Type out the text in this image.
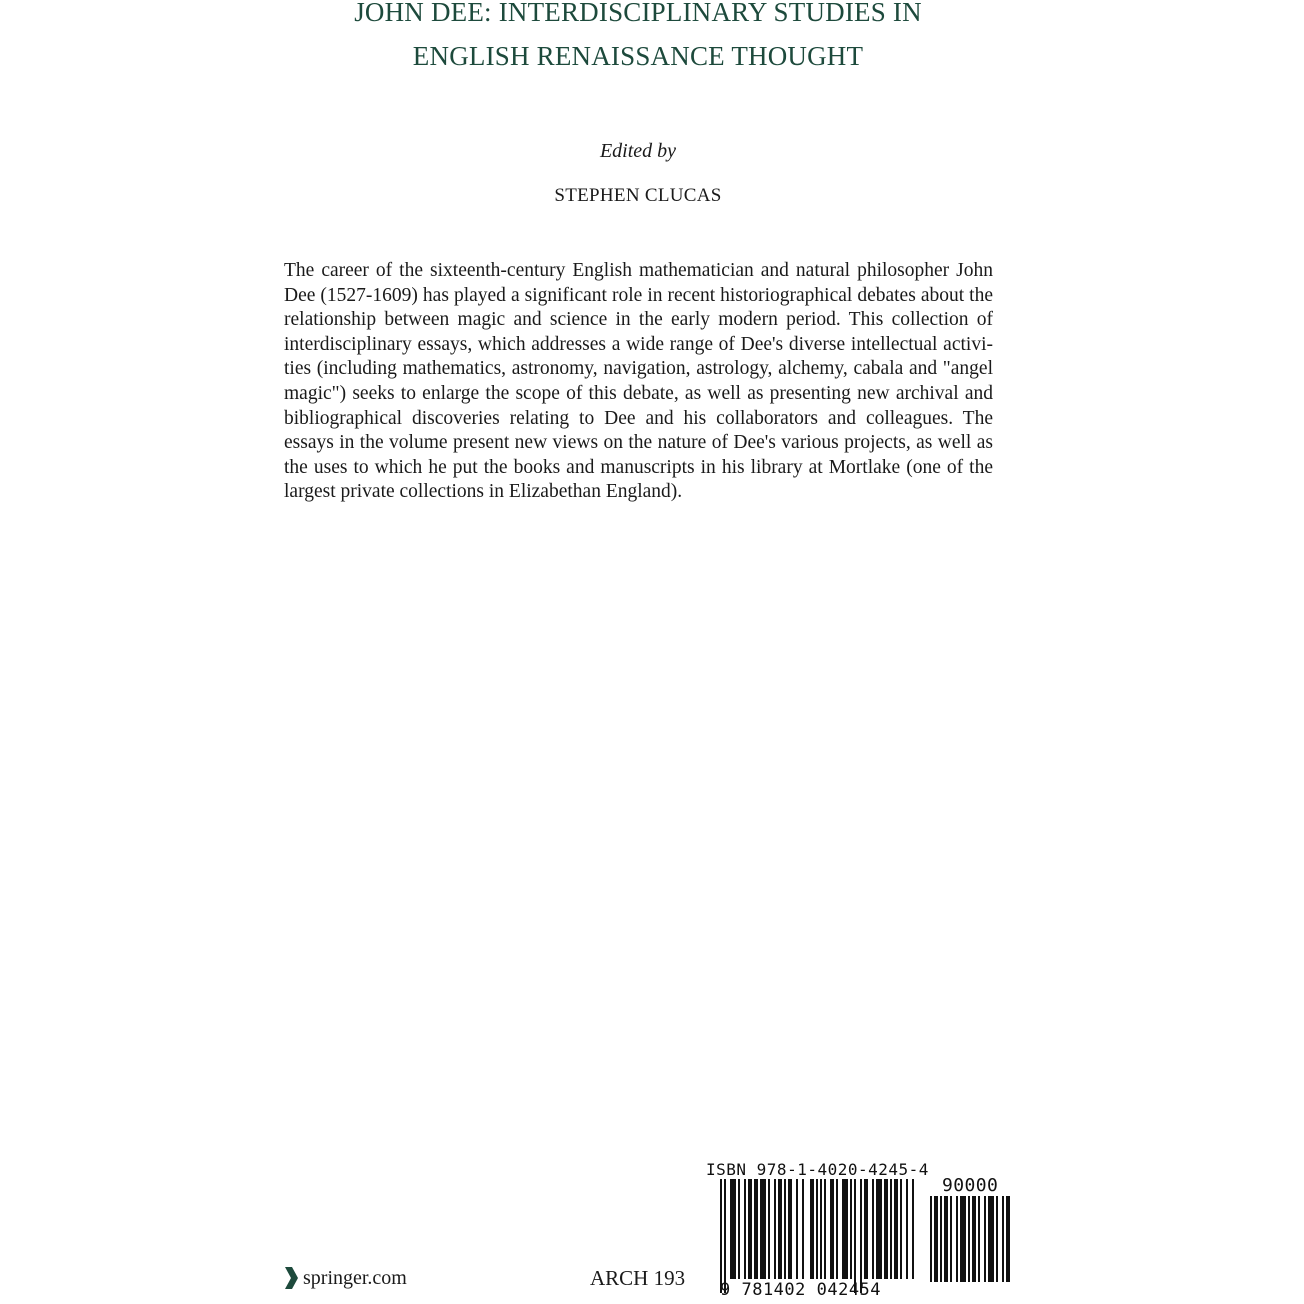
JOHN DEE: INTERDISCIPLINARY STUDIES IN
ENGLISH RENAISSANCE THOUGHT
Edited by
STEPHEN CLUCAS
The career of the sixteenth-century English mathematician and natural philosopher John
Dee (1527-1609) has played a significant role in recent historiographical debates about the
relationship between magic and science in the early modern period. This collection of
interdisciplinary essays, which addresses a wide range of Dee's diverse intellectual activi-
ties (including mathematics, astronomy, navigation, astrology, alchemy, cabala and "angel
magic") seeks to enlarge the scope of this debate, as well as presenting new archival and
bibliographical discoveries relating to Dee and his collaborators and colleagues. The
essays in the volume present new views on the nature of Dee's various projects, as well as
the uses to which he put the books and manuscripts in his library at Mortlake (one of the
largest private collections in Elizabethan England).
springer.com	ARCH 193
ISBN 978-1-4020-4245-4
90000
9 781402 042454
